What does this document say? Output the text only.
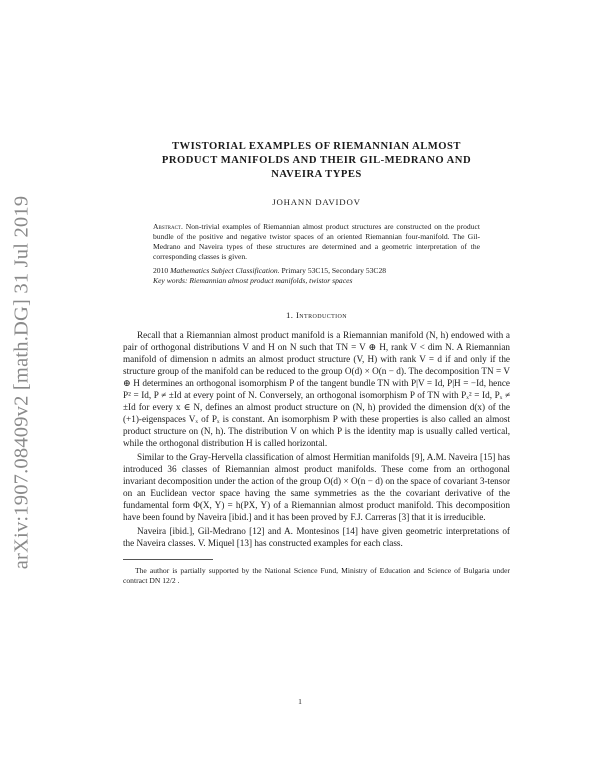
arXiv:1907.08409v2 [math.DG] 31 Jul 2019
TWISTORIAL EXAMPLES OF RIEMANNIAN ALMOST
PRODUCT MANIFOLDS AND THEIR GIL-MEDRANO AND
NAVEIRA TYPES
JOHANN DAVIDOV
Abstract. Non-trivial examples of Riemannian almost product structures are constructed on the product bundle of the positive and negative twistor spaces of an oriented Riemannian four-manifold. The Gil-Medrano and Naveira types of these structures are determined and a geometric interpretation of the corresponding classes is given.

2010 Mathematics Subject Classification. Primary 53C15, Secondary 53C28

Key words: Riemannian almost product manifolds, twistor spaces

1. Introduction

Recall that a Riemannian almost product manifold is a Riemannian manifold (N, h) endowed with a pair of orthogonal distributions V and H on N such that TN = V ⊕ H, rank V < dim N. A Riemannian manifold of dimension n admits an almost product structure (V, H) with rank V = d if and only if the structure group of the manifold can be reduced to the group O(d) × O(n − d). The decomposition TN = V ⊕ H determines an orthogonal isomorphism P of the tangent bundle TN with P|V = Id, P|H = −Id, hence P² = Id, P ≠ ±Id at every point of N. Conversely, an orthogonal isomorphism P of TN with Pₓ² = Id, Pₓ ≠ ±Id for every x ∈ N, defines an almost product structure on (N, h) provided the dimension d(x) of the (+1)-eigenspaces Vₓ of Pₓ is constant. An isomorphism P with these properties is also called an almost product structure on (N, h). The distribution V on which P is the identity map is usually called vertical, while the orthogonal distribution H is called horizontal.

Similar to the Gray-Hervella classification of almost Hermitian manifolds [9], A.M. Naveira [15] has introduced 36 classes of Riemannian almost product manifolds. These come from an orthogonal invariant decomposition under the action of the group O(d) × O(n − d) on the space of covariant 3-tensor on an Euclidean vector space having the same symmetries as the the covariant derivative of the fundamental form Φ(X, Y) = h(PX, Y) of a Riemannian almost product manifold. This decomposition have been found by Naveira [ibid.] and it has been proved by F.J. Carreras [3] that it is irreducible.

Naveira [ibid.], Gil-Medrano [12] and A. Montesinos [14] have given geometric interpretations of the Naveira classes. V. Miquel [13] has constructed examples for each class.

The author is partially supported by the National Science Fund, Ministry of Education and Science of Bulgaria under contract DN 12/2 .
1
